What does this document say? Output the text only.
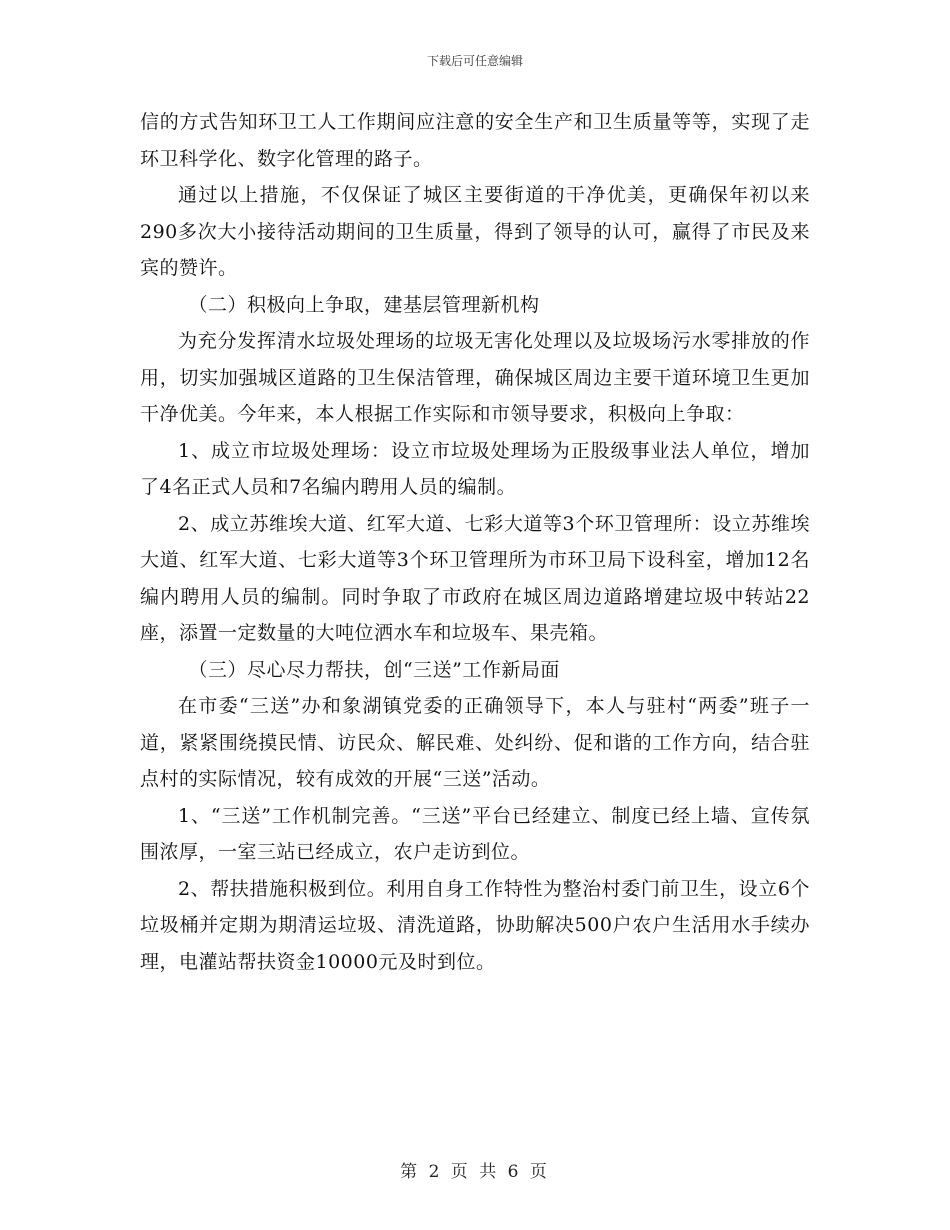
下载后可任意编辑

信的方式告知环卫工人工作期间应注意的安全生产和卫生质量等等，实现了走环卫科学化、数字化管理的路子。

通过以上措施，不仅保证了城区主要街道的干净优美，更确保年初以来290多次大小接待活动期间的卫生质量，得到了领导的认可，赢得了市民及来宾的赞许。

（二）积极向上争取，建基层管理新机构

为充分发挥清水垃圾处理场的垃圾无害化处理以及垃圾场污水零排放的作用，切实加强城区道路的卫生保洁管理，确保城区周边主要干道环境卫生更加干净优美。今年来，本人根据工作实际和市领导要求，积极向上争取：

1、成立市垃圾处理场：设立市垃圾处理场为正股级事业法人单位，增加了4名正式人员和7名编内聘用人员的编制。

2、成立苏维埃大道、红军大道、七彩大道等3个环卫管理所：设立苏维埃大道、红军大道、七彩大道等3个环卫管理所为市环卫局下设科室，增加12名编内聘用人员的编制。同时争取了市政府在城区周边道路增建垃圾中转站22座，添置一定数量的大吨位洒水车和垃圾车、果壳箱。

（三）尽心尽力帮扶，创“三送”工作新局面

在市委“三送”办和象湖镇党委的正确领导下，本人与驻村“两委”班子一道，紧紧围绕摸民情、访民众、解民难、处纠纷、促和谐的工作方向，结合驻点村的实际情况，较有成效的开展“三送”活动。

1、“三送”工作机制完善。“三送”平台已经建立、制度已经上墙、宣传氛围浓厚，一室三站已经成立，农户走访到位。

2、帮扶措施积极到位。利用自身工作特性为整治村委门前卫生，设立6个垃圾桶并定期为期清运垃圾、清洗道路，协助解决500户农户生活用水手续办理，电灌站帮扶资金10000元及时到位。

第 2 页 共 6 页
